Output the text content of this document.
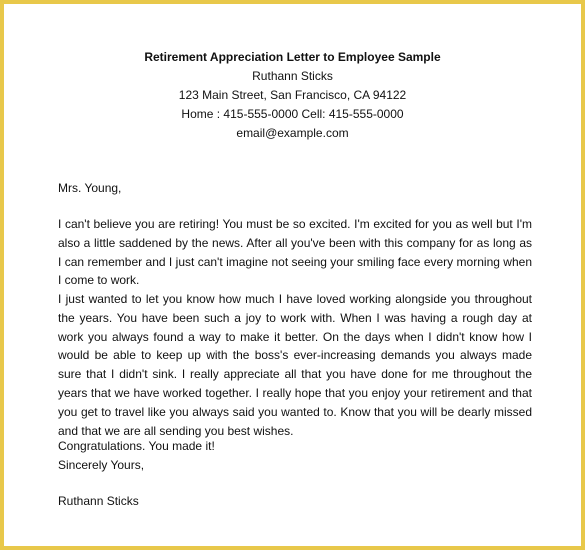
Retirement Appreciation Letter to Employee Sample
Ruthann Sticks
123 Main Street, San Francisco, CA 94122
Home : 415-555-0000 Cell: 415-555-0000
email@example.com
Mrs. Young,
I can't believe you are retiring! You must be so excited. I'm excited for you as well but I'm also a little saddened by the news. After all you've been with this company for as long as I can remember and I just can't imagine not seeing your smiling face every morning when I come to work.
I just wanted to let you know how much I have loved working alongside you throughout the years. You have been such a joy to work with. When I was having a rough day at work you always found a way to make it better. On the days when I didn't know how I would be able to keep up with the boss's ever-increasing demands you always made sure that I didn't sink. I really appreciate all that you have done for me throughout the years that we have worked together. I really hope that you enjoy your retirement and that you get to travel like you always said you wanted to. Know that you will be dearly missed and that we are all sending you best wishes.
Congratulations. You made it!
Sincerely Yours,
Ruthann Sticks
